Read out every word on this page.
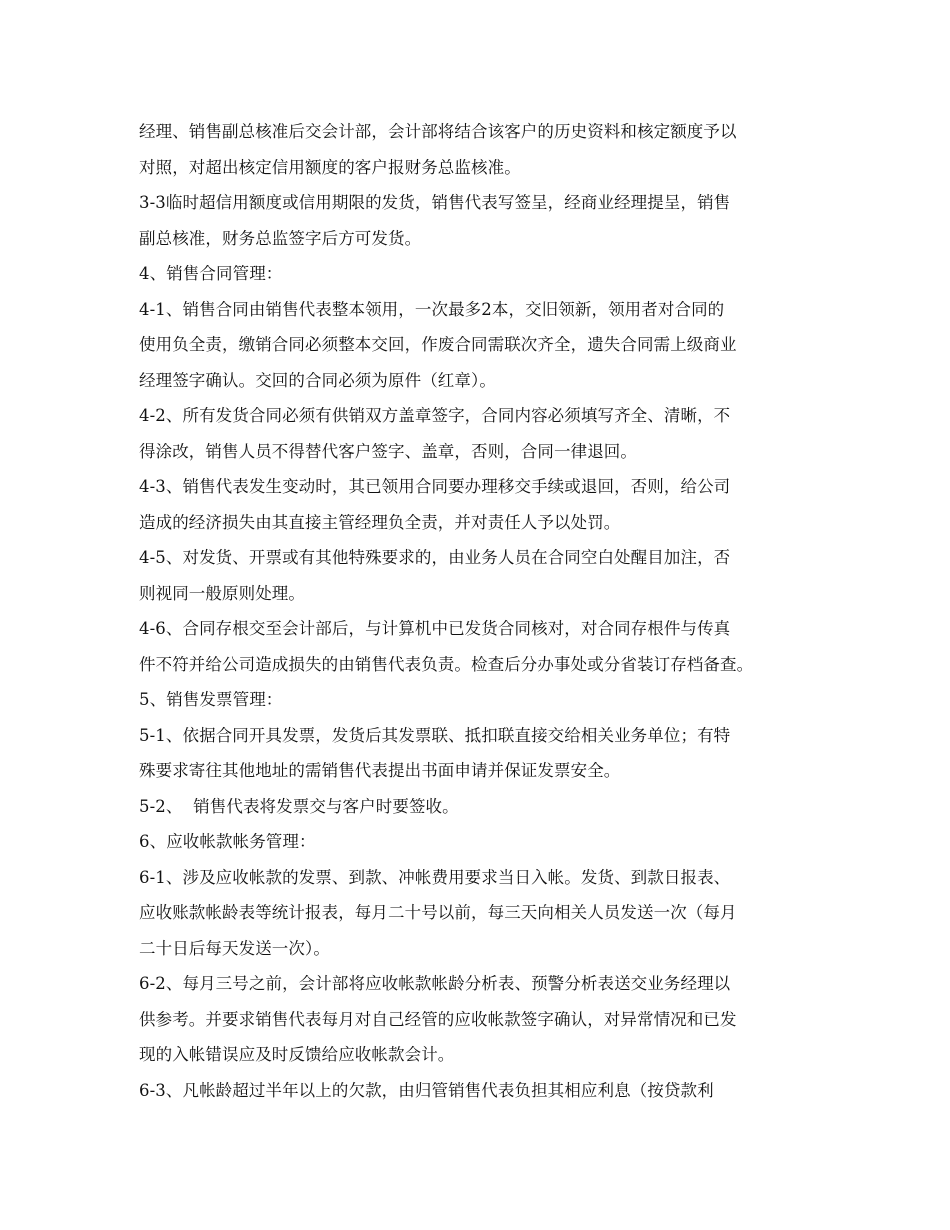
经理、销售副总核准后交会计部，会计部将结合该客户的历史资料和核定额度予以
对照，对超出核定信用额度的客户报财务总监核准。
3-3临时超信用额度或信用期限的发货，销售代表写签呈，经商业经理提呈，销售
副总核准，财务总监签字后方可发货。
4、销售合同管理：
4-1、销售合同由销售代表整本领用，一次最多2本，交旧领新，领用者对合同的
使用负全责，缴销合同必须整本交回，作废合同需联次齐全，遗失合同需上级商业
经理签字确认。交回的合同必须为原件（红章）。
4-2、所有发货合同必须有供销双方盖章签字，合同内容必须填写齐全、清晰，不
得涂改，销售人员不得替代客户签字、盖章，否则，合同一律退回。
4-3、销售代表发生变动时，其已领用合同要办理移交手续或退回，否则，给公司
造成的经济损失由其直接主管经理负全责，并对责任人予以处罚。
4-5、对发货、开票或有其他特殊要求的，由业务人员在合同空白处醒目加注，否
则视同一般原则处理。
4-6、合同存根交至会计部后，与计算机中已发货合同核对，对合同存根件与传真
件不符并给公司造成损失的由销售代表负责。检查后分办事处或分省装订存档备查。
5、销售发票管理：
5-1、依据合同开具发票，发货后其发票联、抵扣联直接交给相关业务单位；有特
殊要求寄往其他地址的需销售代表提出书面申请并保证发票安全。
5-2、  销售代表将发票交与客户时要签收。
6、应收帐款帐务管理：
6-1、涉及应收帐款的发票、到款、冲帐费用要求当日入帐。发货、到款日报表、
应收账款帐龄表等统计报表，每月二十号以前，每三天向相关人员发送一次（每月
二十日后每天发送一次）。
6-2、每月三号之前，会计部将应收帐款帐龄分析表、预警分析表送交业务经理以
供参考。并要求销售代表每月对自己经管的应收帐款签字确认，对异常情况和已发
现的入帐错误应及时反馈给应收帐款会计。
6-3、凡帐龄超过半年以上的欠款，由归管销售代表负担其相应利息（按贷款利
